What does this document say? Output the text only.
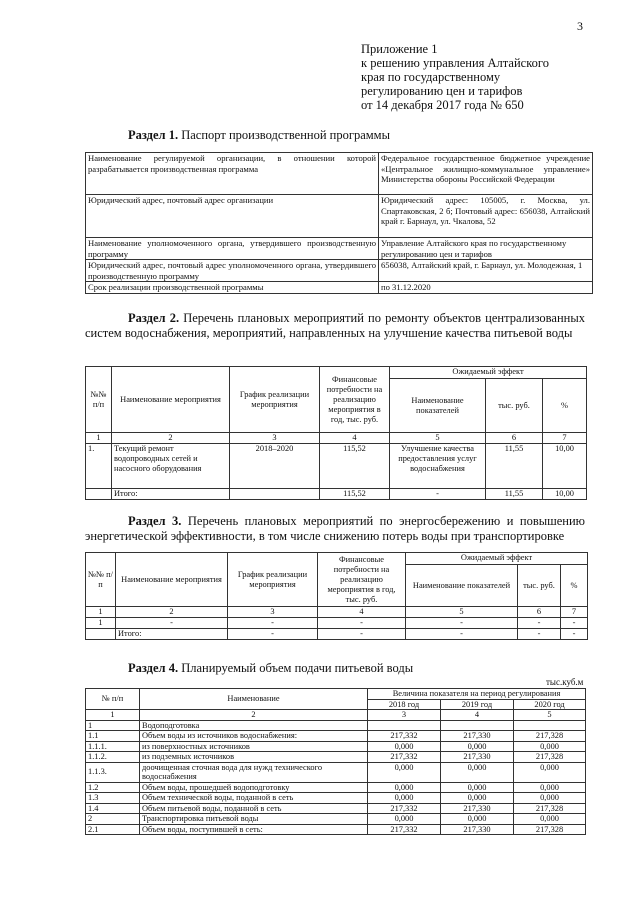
3
Приложение 1
к решению управления Алтайского
края по государственному
регулированию цен и тарифов
от 14 декабря 2017 года № 650
Раздел 1. Паспорт производственной программы
Наименование регулируемой организации, в отношении которой разрабатывается производственная программа	Федеральное государственное бюджетное учреждение «Центральное жилищно-коммунальное управление» Министерства обороны Российской Федерации
Юридический адрес, почтовый адрес организации	Юридический адрес: 105005, г. Москва, ул. Спартаковская, 2 б; Почтовый адрес: 656038, Алтайский край г. Барнаул, ул. Чкалова, 52
Наименование уполномоченного органа, утвердившего производственную программу	Управление Алтайского края по государственному регулированию цен и тарифов
Юридический адрес, почтовый адрес уполномоченного органа, утвердившего производственную программу	656038, Алтайский край, г. Барнаул, ул. Молодежная, 1
Срок реализации производственной программы	по 31.12.2020
Раздел 2. Перечень плановых мероприятий по ремонту объектов централизованных систем водоснабжения, мероприятий, направленных на улучшение качества питьевой воды
№№ п/п	Наименование мероприятия	График реализации мероприятия	Финансовые потребности на реализацию мероприятия в год, тыс. руб.	Ожидаемый эффект		
				Наименование показателей	тыс. руб.	%
1	2	3	4	5	6	7
1.	Текущий ремонт водопроводных сетей и насосного оборудования	2018–2020	115,52	Улучшение качества предоставления услуг водоснабжения	11,55	10,00
	Итого:		115,52	-	11,55	10,00
Раздел 3. Перечень плановых мероприятий по энергосбережению и повышению энергетической эффективности, в том числе снижению потерь воды при транспортировке
№№ п/п	Наименование мероприятия	График реализации мероприятия	Финансовые потребности на реализацию мероприятия в год, тыс. руб.	Ожидаемый эффект		
				Наименование показателей	тыс. руб.	%
1	2	3	4	5	6	7
1	-	-	-	-	-	-
	Итого:	-	-	-	-	-
Раздел 4. Планируемый объем подачи питьевой воды
тыс.куб.м
№ п/п	Наименование	Величина показателя на период регулирования		
		2018 год	2019 год	2020 год
1	2	3	4	5
1	Водоподготовка			
1.1	Объем воды из источников водоснабжения:	217,332	217,330	217,328
1.1.1.	из поверхностных источников	0,000	0,000	0,000
1.1.2.	из подземных источников	217,332	217,330	217,328
1.1.3.	доочищенная сточная вода для нужд технического водоснабжения	0,000	0,000	0,000
1.2	Объем воды, прошедшей водоподготовку	0,000	0,000	0,000
1.3	Объем технической воды, поданной в сеть	0,000	0,000	0,000
1.4	Объем питьевой воды, поданной в сеть	217,332	217,330	217,328
2	Транспортировка питьевой воды	0,000	0,000	0,000
2.1	Объем воды, поступившей в сеть:	217,332	217,330	217,328
